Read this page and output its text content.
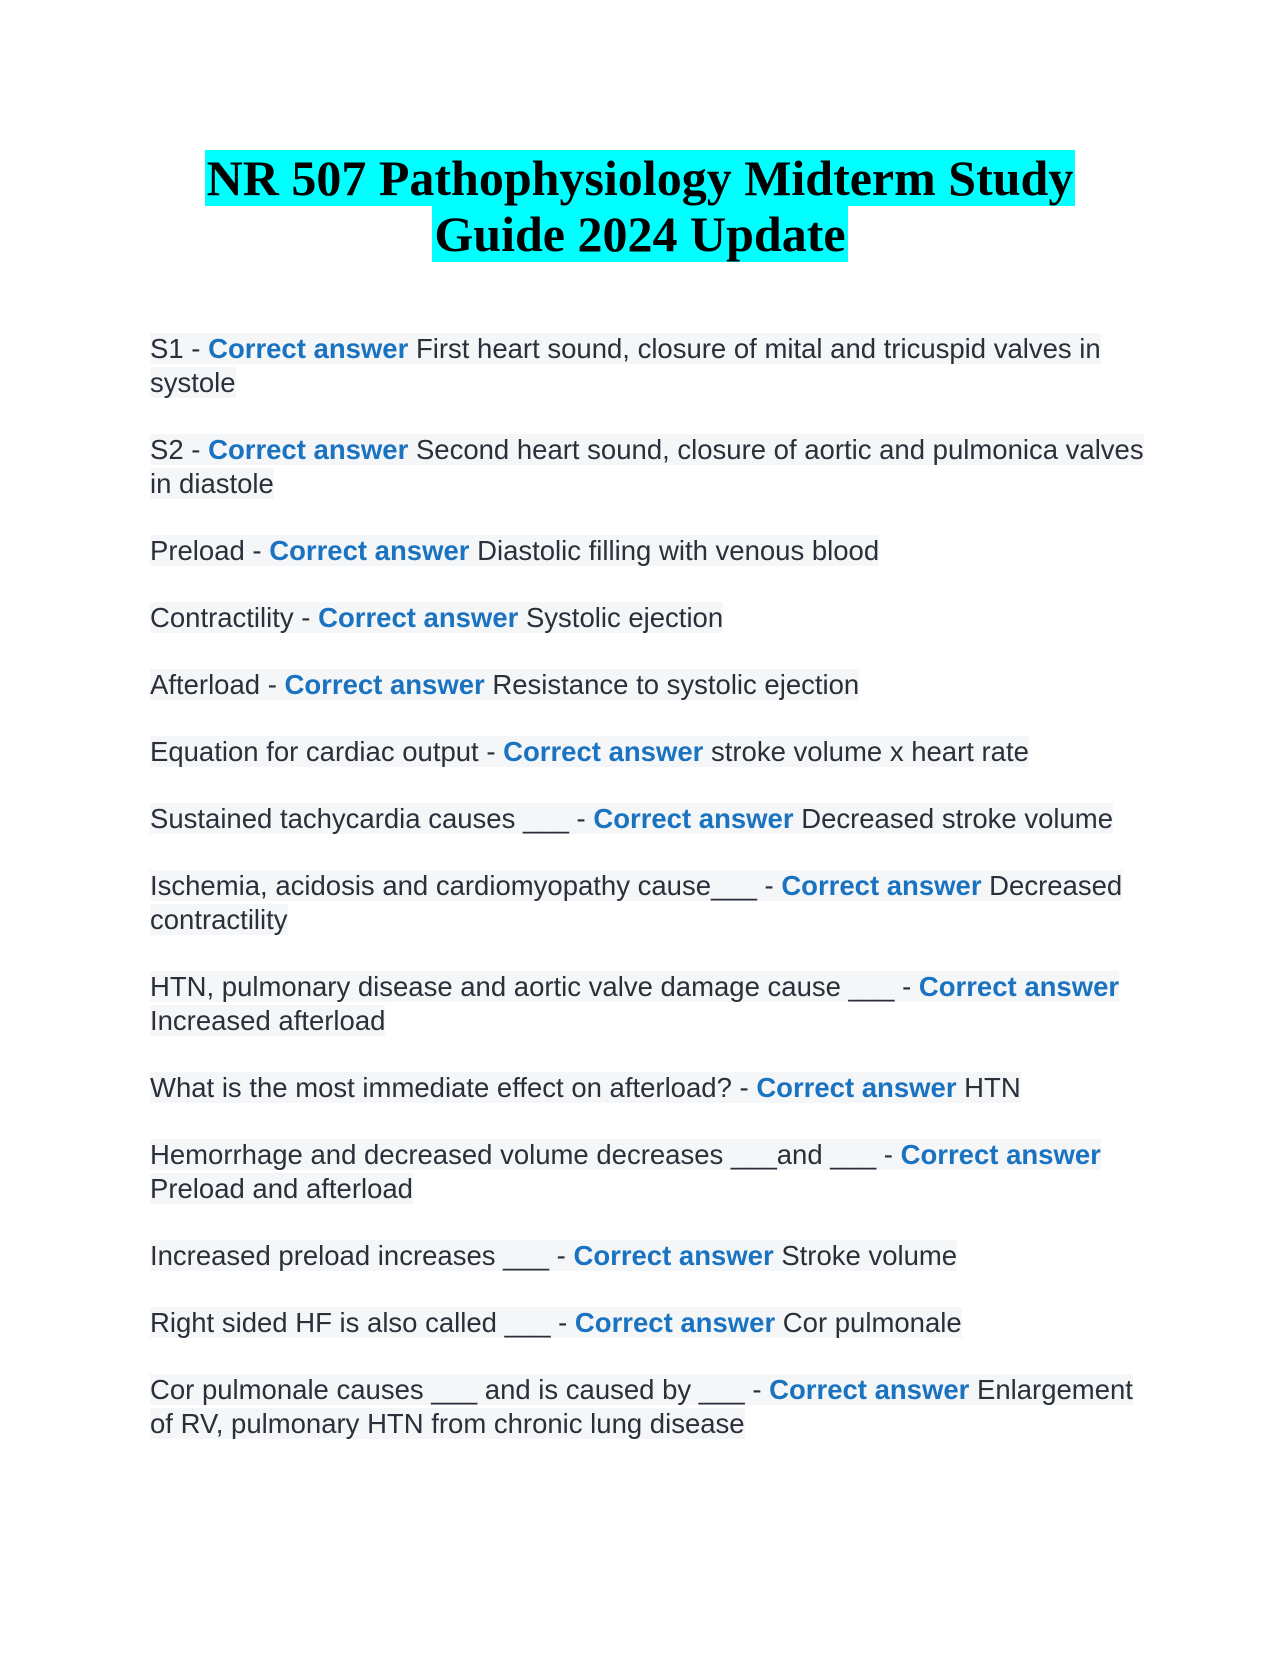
NR 507 Pathophysiology Midterm Study
Guide 2024 Update
S1 - Correct answer First heart sound, closure of mital and tricuspid valves in systole
S2 - Correct answer Second heart sound, closure of aortic and pulmonica valves in diastole
Preload - Correct answer Diastolic filling with venous blood
Contractility - Correct answer Systolic ejection
Afterload - Correct answer Resistance to systolic ejection
Equation for cardiac output - Correct answer stroke volume x heart rate
Sustained tachycardia causes ___ - Correct answer Decreased stroke volume
Ischemia, acidosis and cardiomyopathy cause___ - Correct answer Decreased contractility
HTN, pulmonary disease and aortic valve damage cause ___ - Correct answer Increased afterload
What is the most immediate effect on afterload? - Correct answer HTN
Hemorrhage and decreased volume decreases ___and ___ - Correct answer Preload and afterload
Increased preload increases ___ - Correct answer Stroke volume
Right sided HF is also called ___ - Correct answer Cor pulmonale
Cor pulmonale causes ___ and is caused by ___ - Correct answer Enlargement of RV, pulmonary HTN from chronic lung disease
